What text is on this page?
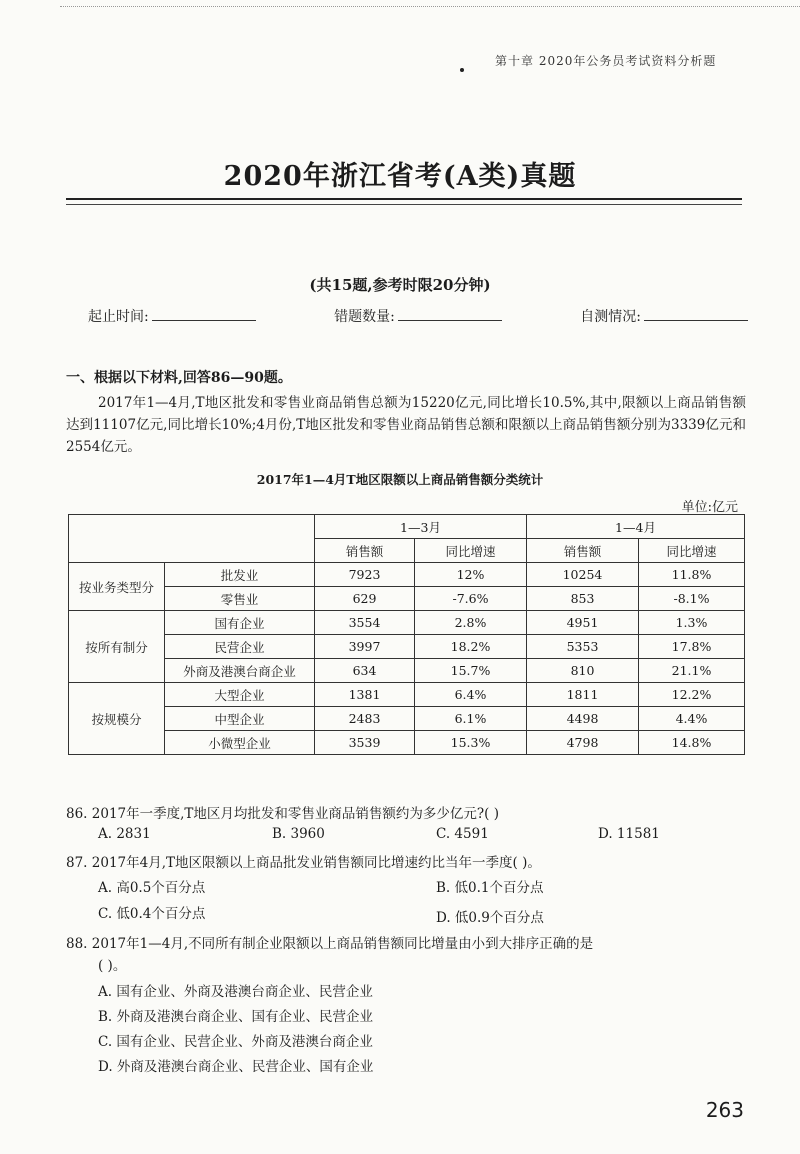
第十章 2020年公务员考试资料分析题
2020年浙江省考(A类)真题
(共15题,参考时限20分钟)
起止时间:	错题数量:	自测情况:
一、根据以下材料,回答86—90题。
2017年1—4月,T地区批发和零售业商品销售总额为15220亿元,同比增长10.5%,其中,限额以上商品销售额达到11107亿元,同比增长10%;4月份,T地区批发和零售业商品销售总额和限额以上商品销售额分别为3339亿元和2554亿元。
2017年1—4月T地区限额以上商品销售额分类统计
单位:亿元
		1—3月		1—4月	
		销售额	同比增速	销售额	同比增速
按业务类型分	批发业	7923	12%	10254	11.8%
	零售业	629	-7.6%	853	-8.1%
按所有制分	国有企业	3554	2.8%	4951	1.3%
	民营企业	3997	18.2%	5353	17.8%
	外商及港澳台商企业	634	15.7%	810	21.1%
按规模分	大型企业	1381	6.4%	1811	12.2%
	中型企业	2483	6.1%	4498	4.4%
	小微型企业	3539	15.3%	4798	14.8%
86. 2017年一季度,T地区月均批发和零售业商品销售额约为多少亿元?( )
A. 2831	B. 3960	C. 4591	D. 11581
87. 2017年4月,T地区限额以上商品批发业销售额同比增速约比当年一季度( )。
A. 高0.5个百分点	B. 低0.1个百分点
C. 低0.4个百分点	D. 低0.9个百分点
88. 2017年1—4月,不同所有制企业限额以上商品销售额同比增量由小到大排序正确的是
( )。
A. 国有企业、外商及港澳台商企业、民营企业
B. 外商及港澳台商企业、国有企业、民营企业
C. 国有企业、民营企业、外商及港澳台商企业
D. 外商及港澳台商企业、民营企业、国有企业
263
